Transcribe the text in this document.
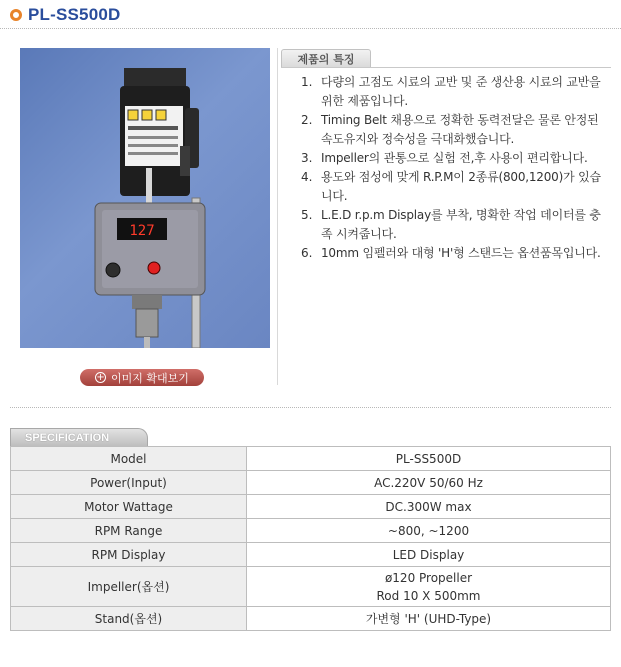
PL-SS500D
127
+ 이미지 확대보기
제품의 특징
1. 다량의 고점도 시료의 교반 및 준 생산용 시료의 교반을 위한 제품입니다.
2. Timing Belt 채용으로 정확한 동력전달은 물론 안정된 속도유지와 정숙성을 극대화했습니다.
3. Impeller의 관통으로 실험 전,후 사용이 편리합니다.
4. 용도와 점성에 맞게 R.P.M이 2종류(800,1200)가 있습니다.
5. L.E.D r.p.m Display를 부착, 명확한 작업 데이터를 충족 시켜줍니다.
6. 10mm 임펠러와 대형 'H'형 스탠드는 옵션품목입니다.
SPECIFICATION
Model	PL-SS500D
Power(Input)	AC.220V 50/60 Hz
Motor Wattage	DC.300W max
RPM Range	~800, ~1200
RPM Display	LED Display
Impeller(옵션)	ø120 Propeller
Rod 10 X 500mm

Stand(옵션)	가변형 'H' (UHD-Type)
